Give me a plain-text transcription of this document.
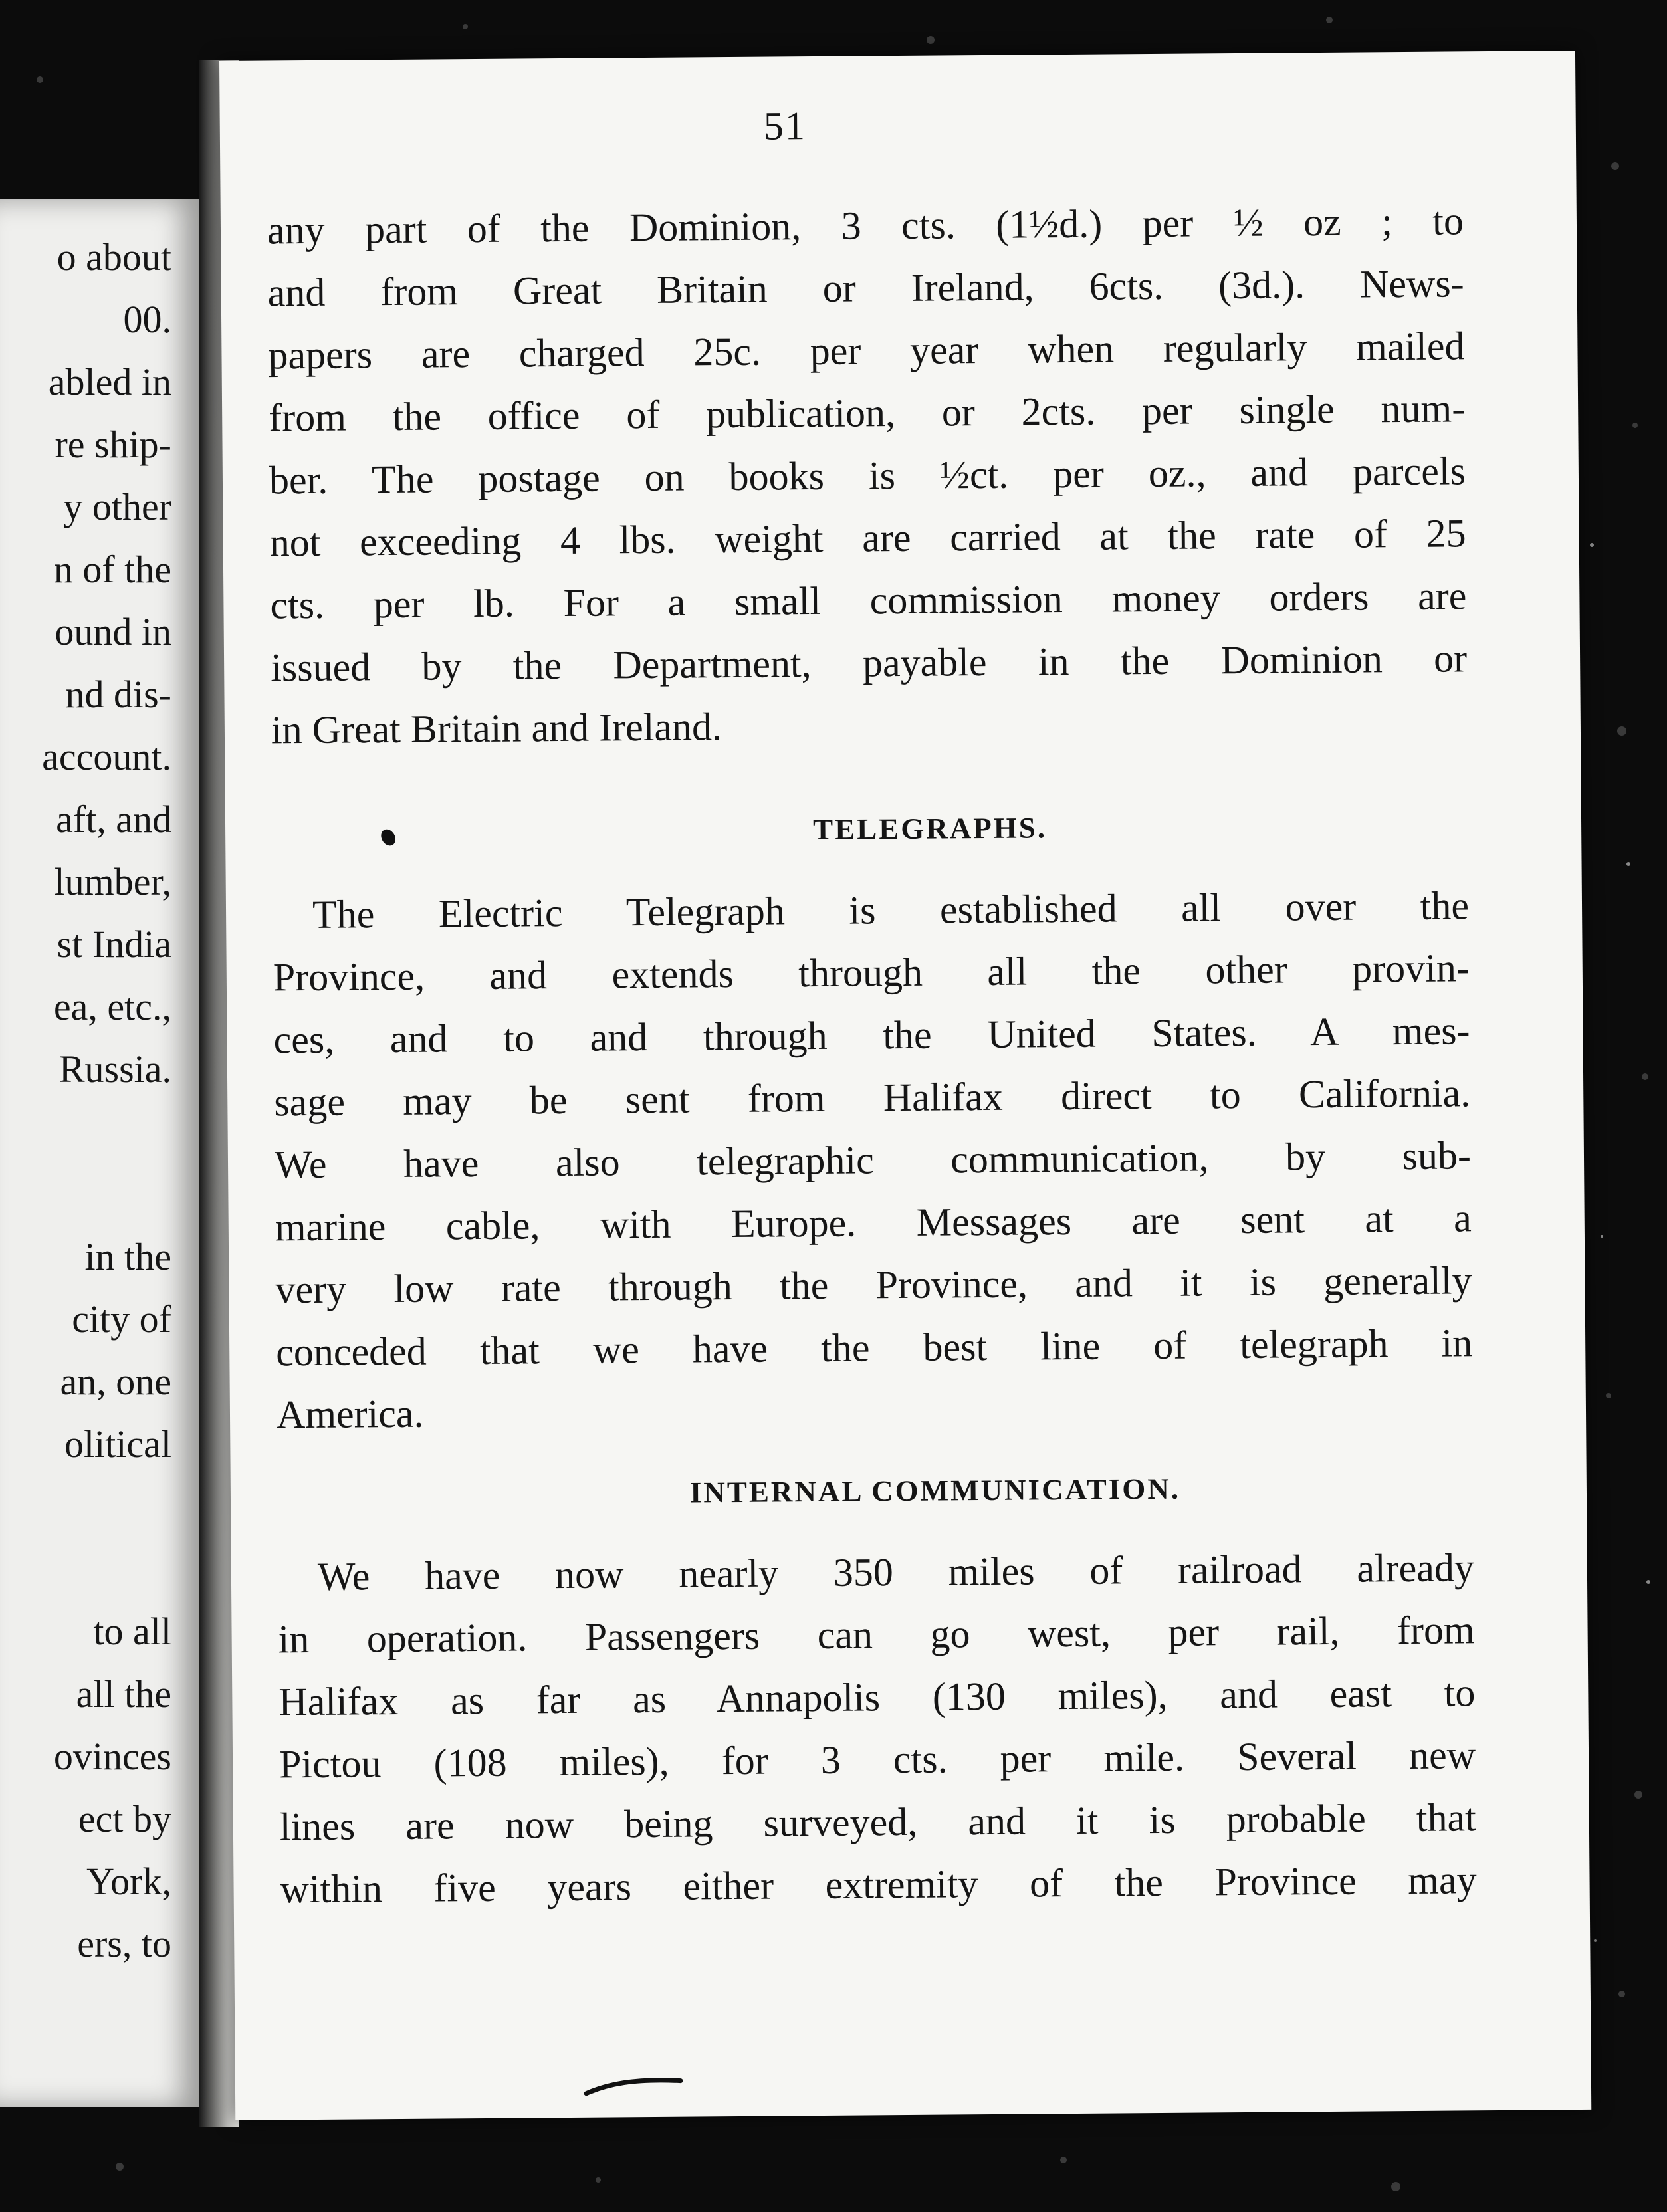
o about
00.
abled in
re ship-
y other
n of the
ound in
nd dis-
account.
aft, and
lumber,
st India
ea, etc.,
Russia.
in the
city of
an, one
olitical
to all
all the
ovinces
ect by
York,
ers, to
51
any part of the Dominion, 3 cts. (1½d.) per ½ oz ; to
and from Great Britain or Ireland, 6cts. (3d.). News-
papers are charged 25c. per year when regularly mailed
from the office of publication, or 2cts. per single num-
ber. The postage on books is ½ct. per oz., and parcels
not exceeding 4 lbs. weight are carried at the rate of 25
cts. per lb. For a small commission money orders are
issued by the Department, payable in the Dominion or
in Great Britain and Ireland.
TELEGRAPHS.
The Electric Telegraph is established all over the
Province, and extends through all the other provin-
ces, and to and through the United States. A mes-
sage may be sent from Halifax direct to California.
We have also telegraphic communication, by sub-
marine cable, with Europe. Messages are sent at a
very low rate through the Province, and it is generally
conceded that we have the best line of telegraph in
America.
INTERNAL COMMUNICATION.
We have now nearly 350 miles of railroad already
in operation. Passengers can go west, per rail, from
Halifax as far as Annapolis (130 miles), and east to
Pictou (108 miles), for 3 cts. per mile. Several new
lines are now being surveyed, and it is probable that
within five years either extremity of the Province may
